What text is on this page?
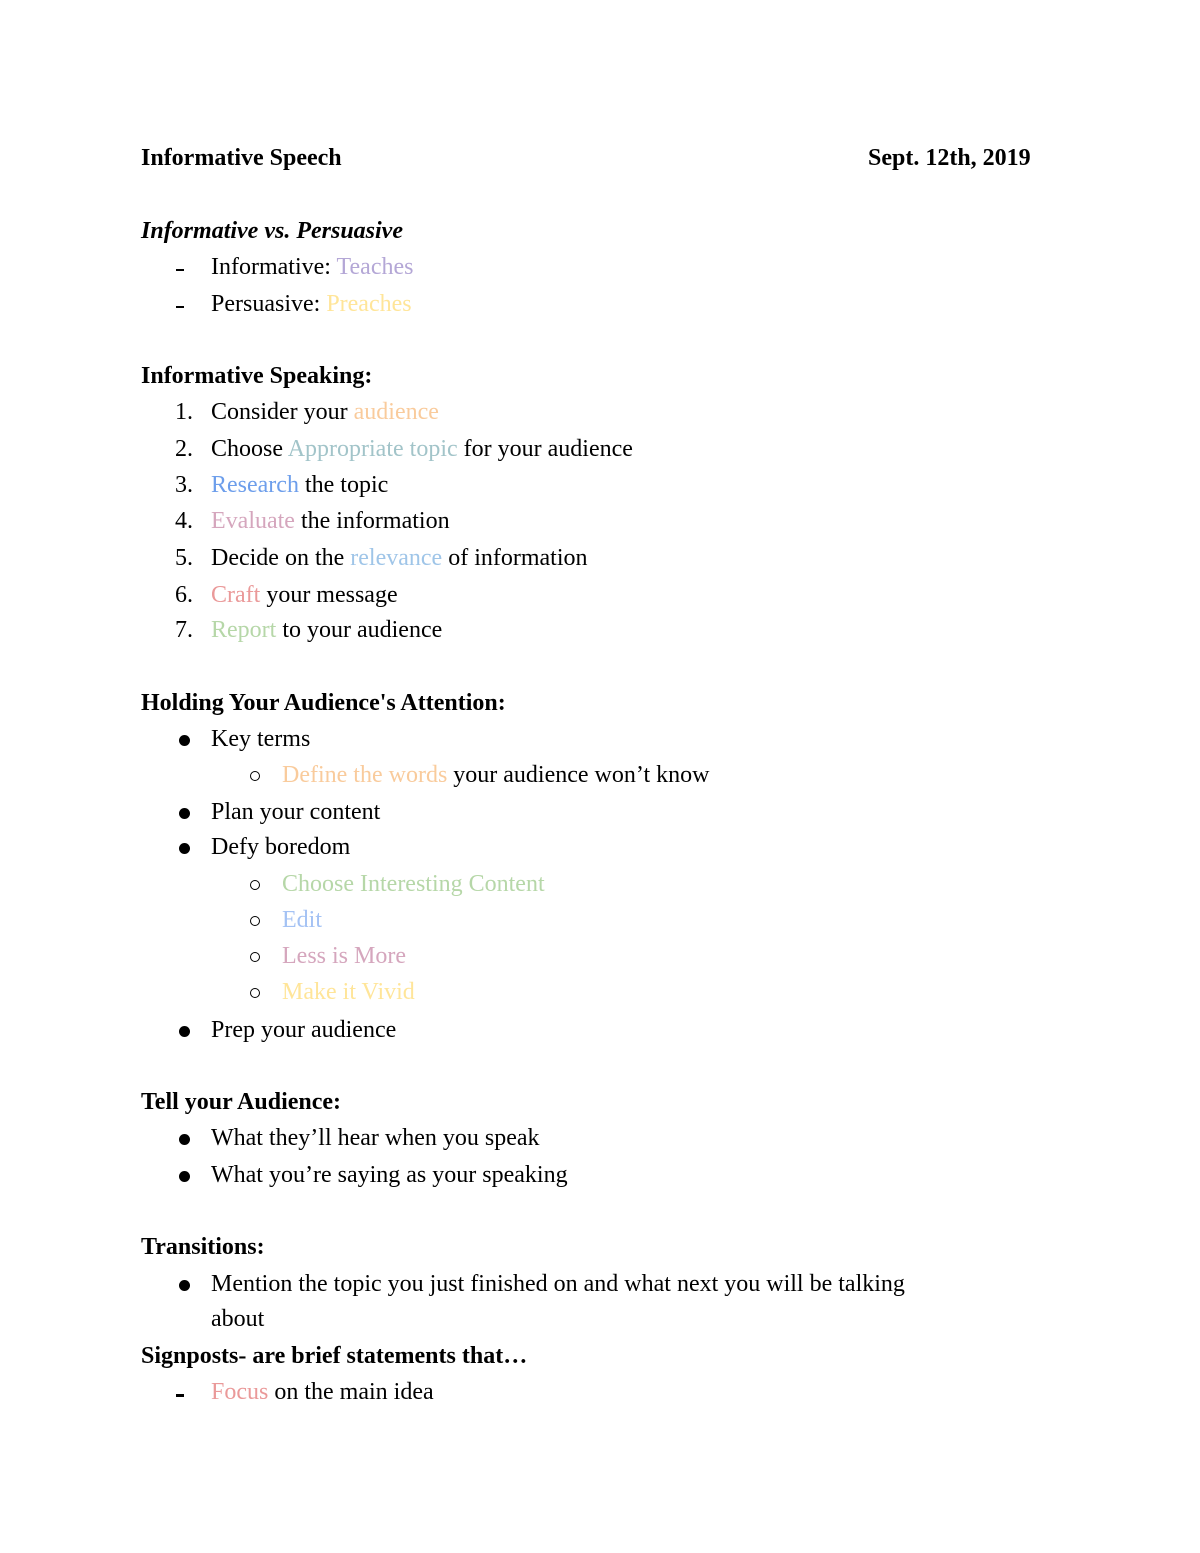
Informative Speech	Sept. 12th, 2019
Informative vs. Persuasive
Informative: Teaches
Persuasive: Preaches
Informative Speaking:
1. Consider your audience
2. Choose Appropriate topic for your audience
3. Research the topic
4. Evaluate the information
5. Decide on the relevance of information
6. Craft your message
7. Report to your audience
Holding Your Audience's Attention:
Key terms
Define the words your audience won’t know
Plan your content
Defy boredom
Choose Interesting Content
Edit
Less is More
Make it Vivid
Prep your audience
Tell your Audience:
What they’ll hear when you speak
What you’re saying as your speaking
Transitions:
Mention the topic you just finished on and what next you will be talking
about
Signposts- are brief statements that…
Focus on the main idea
